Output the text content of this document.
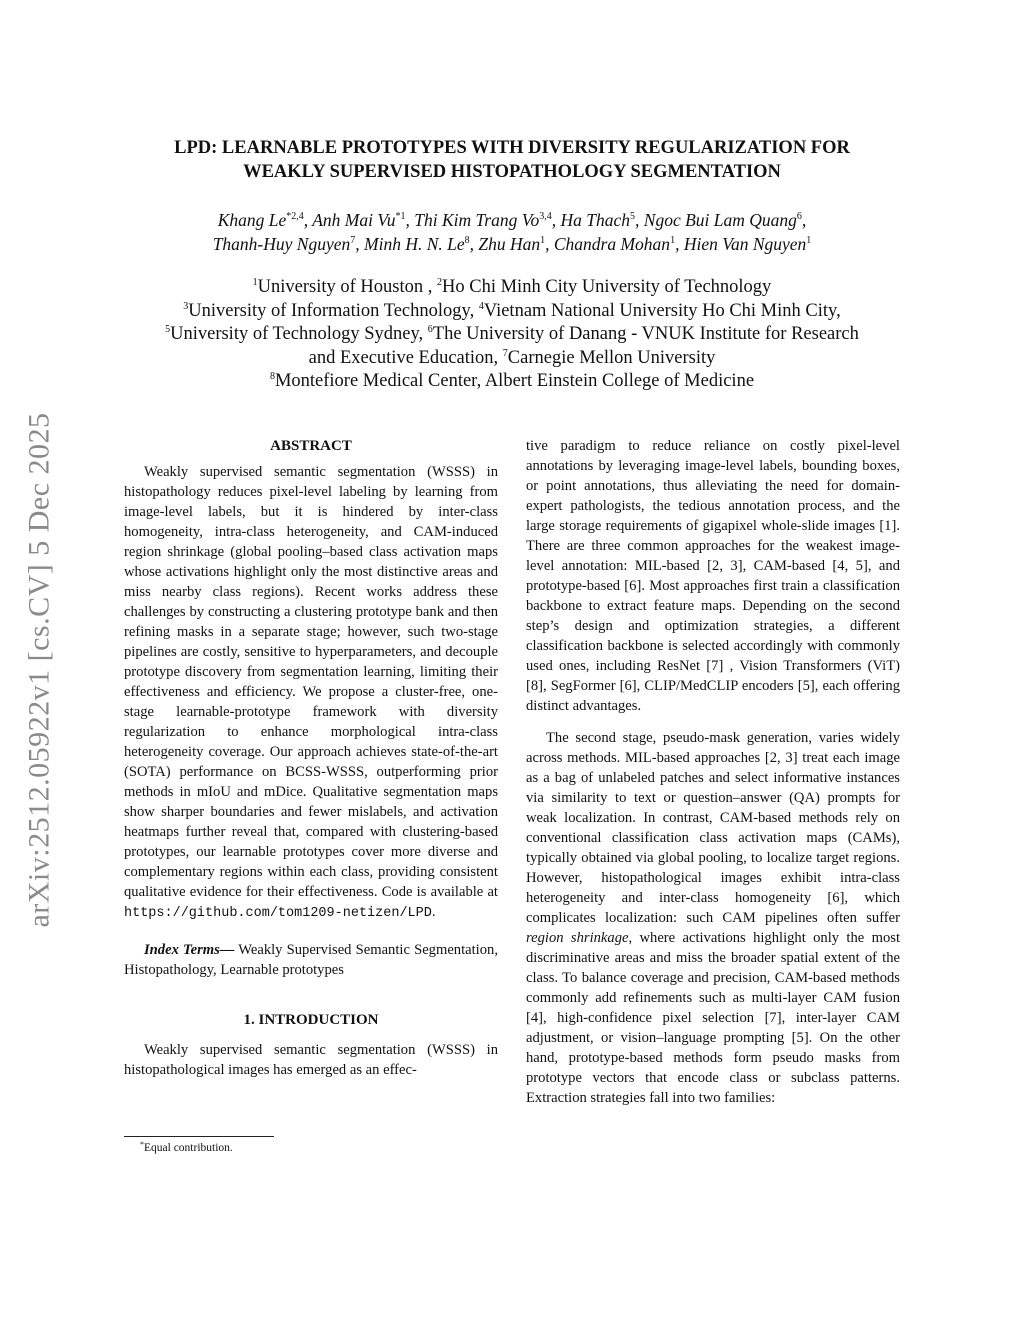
arXiv:2512.05922v1 [cs.CV] 5 Dec 2025
LPD: LEARNABLE PROTOTYPES WITH DIVERSITY REGULARIZATION FOR
WEAKLY SUPERVISED HISTOPATHOLOGY SEGMENTATION
Khang Le$^{*2,4}$, Anh Mai Vu$^{*1}$, Thi Kim Trang Vo$^{3,4}$, Ha Thach$^5$, Ngoc Bui Lam Quang$^6$,
Thanh-Huy Nguyen$^7$, Minh H. N. Le$^8$, Zhu Han$^1$, Chandra Mohan$^1$, Hien Van Nguyen$^1$
$^1$University of Houston , $^2$Ho Chi Minh City University of Technology
$^3$University of Information Technology, $^4$Vietnam National University Ho Chi Minh City,
$^5$University of Technology Sydney, $^6$The University of Danang - VNUK Institute for Research
and Executive Education, $^7$Carnegie Mellon University
$^8$Montefiore Medical Center, Albert Einstein College of Medicine
ABSTRACT

Weakly supervised semantic segmentation (WSSS) in histopathology reduces pixel-level labeling by learning from image-level labels, but it is hindered by inter-class homogeneity, intra-class heterogeneity, and CAM-induced region shrinkage (global pooling–based class activation maps whose activations highlight only the most distinctive areas and miss nearby class regions). Recent works address these challenges by constructing a clustering prototype bank and then refining masks in a separate stage; however, such two-stage pipelines are costly, sensitive to hyperparameters, and decouple prototype discovery from segmentation learning, limiting their effectiveness and efficiency. We propose a cluster-free, one-stage learnable-prototype framework with diversity regularization to enhance morphological intra-class heterogeneity coverage. Our approach achieves state-of-the-art (SOTA) performance on BCSS-WSSS, outperforming prior methods in mIoU and mDice. Qualitative segmentation maps show sharper boundaries and fewer mislabels, and activation heatmaps further reveal that, compared with clustering-based prototypes, our learnable prototypes cover more diverse and complementary regions within each class, providing consistent qualitative evidence for their effectiveness. Code is available at https://github.com/tom1209-netizen/LPD.

Index Terms— Weakly Supervised Semantic Segmentation, Histopathology, Learnable prototypes

1. INTRODUCTION

Weakly supervised semantic segmentation (WSSS) in histopathological images has emerged as an effec-

tive paradigm to reduce reliance on costly pixel-level annotations by leveraging image-level labels, bounding boxes, or point annotations, thus alleviating the need for domain-expert pathologists, the tedious annotation process, and the large storage requirements of gigapixel whole-slide images [1]. There are three common approaches for the weakest image-level annotation: MIL-based [2, 3], CAM-based [4, 5], and prototype-based [6]. Most approaches first train a classification backbone to extract feature maps. Depending on the second step’s design and optimization strategies, a different classification backbone is selected accordingly with commonly used ones, including ResNet [7] , Vision Transformers (ViT) [8], SegFormer [6], CLIP/MedCLIP encoders [5], each offering distinct advantages.

The second stage, pseudo-mask generation, varies widely across methods. MIL-based approaches [2, 3] treat each image as a bag of unlabeled patches and select informative instances via similarity to text or question–answer (QA) prompts for weak localization. In contrast, CAM-based methods rely on conventional classification class activation maps (CAMs), typically obtained via global pooling, to localize target regions. However, histopathological images exhibit intra-class heterogeneity and inter-class homogeneity [6], which complicates localization: such CAM pipelines often suffer region shrinkage, where activations highlight only the most discriminative areas and miss the broader spatial extent of the class. To balance coverage and precision, CAM-based methods commonly add refinements such as multi-layer CAM fusion [4], high-confidence pixel selection [7], inter-layer CAM adjustment, or vision–language prompting [5]. On the other hand, prototype-based methods form pseudo masks from prototype vectors that encode class or subclass patterns. Extraction strategies fall into two families:

*Equal contribution.
